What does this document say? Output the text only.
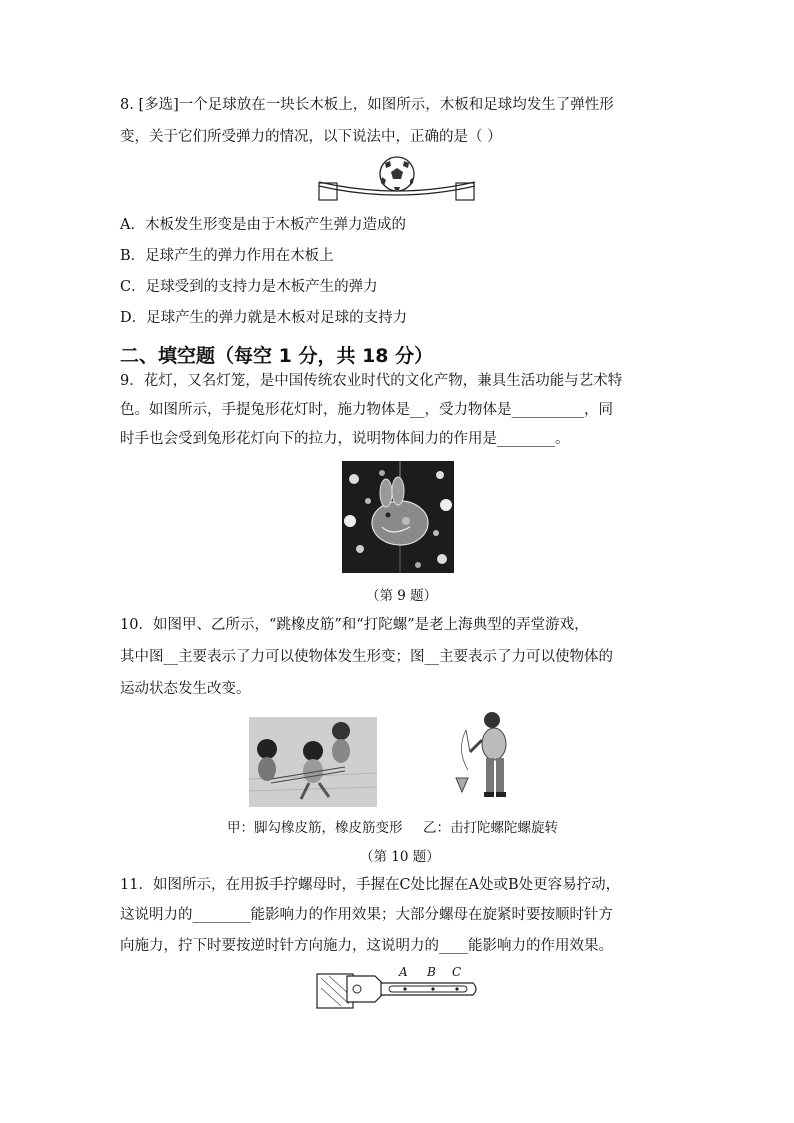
8. [多选]一个足球放在一块长木板上，如图所示，木板和足球均发生了弹性形
变，关于它们所受弹力的情况，以下说法中，正确的是（ ）
A．木板发生形变是由于木板产生弹力造成的
B．足球产生的弹力作用在木板上
C．足球受到的支持力是木板产生的弹力
D．足球产生的弹力就是木板对足球的支持力
二、填空题（每空 1 分，共 18 分）
9．花灯，又名灯笼，是中国传统农业时代的文化产物，兼具生活功能与艺术特
色。如图所示，手提兔形花灯时，施力物体是__，受力物体是__________，同
时手也会受到兔形花灯向下的拉力，说明物体间力的作用是________。
（第 9 题）
10．如图甲、乙所示，“跳橡皮筋”和“打陀螺”是老上海典型的弄堂游戏，
其中图__主要表示了力可以使物体发生形变；图__主要表示了力可以使物体的
运动状态发生改变。
甲：脚勾橡皮筋，橡皮筋变形 乙：击打陀螺陀螺旋转
（第 10 题）
11．如图所示，在用扳手拧螺母时，手握在C处比握在A处或B处更容易拧动，
这说明力的________能影响力的作用效果；大部分螺母在旋紧时要按顺时针方
向施力，拧下时要按逆时针方向施力，这说明力的____能影响力的作用效果。
A B C
